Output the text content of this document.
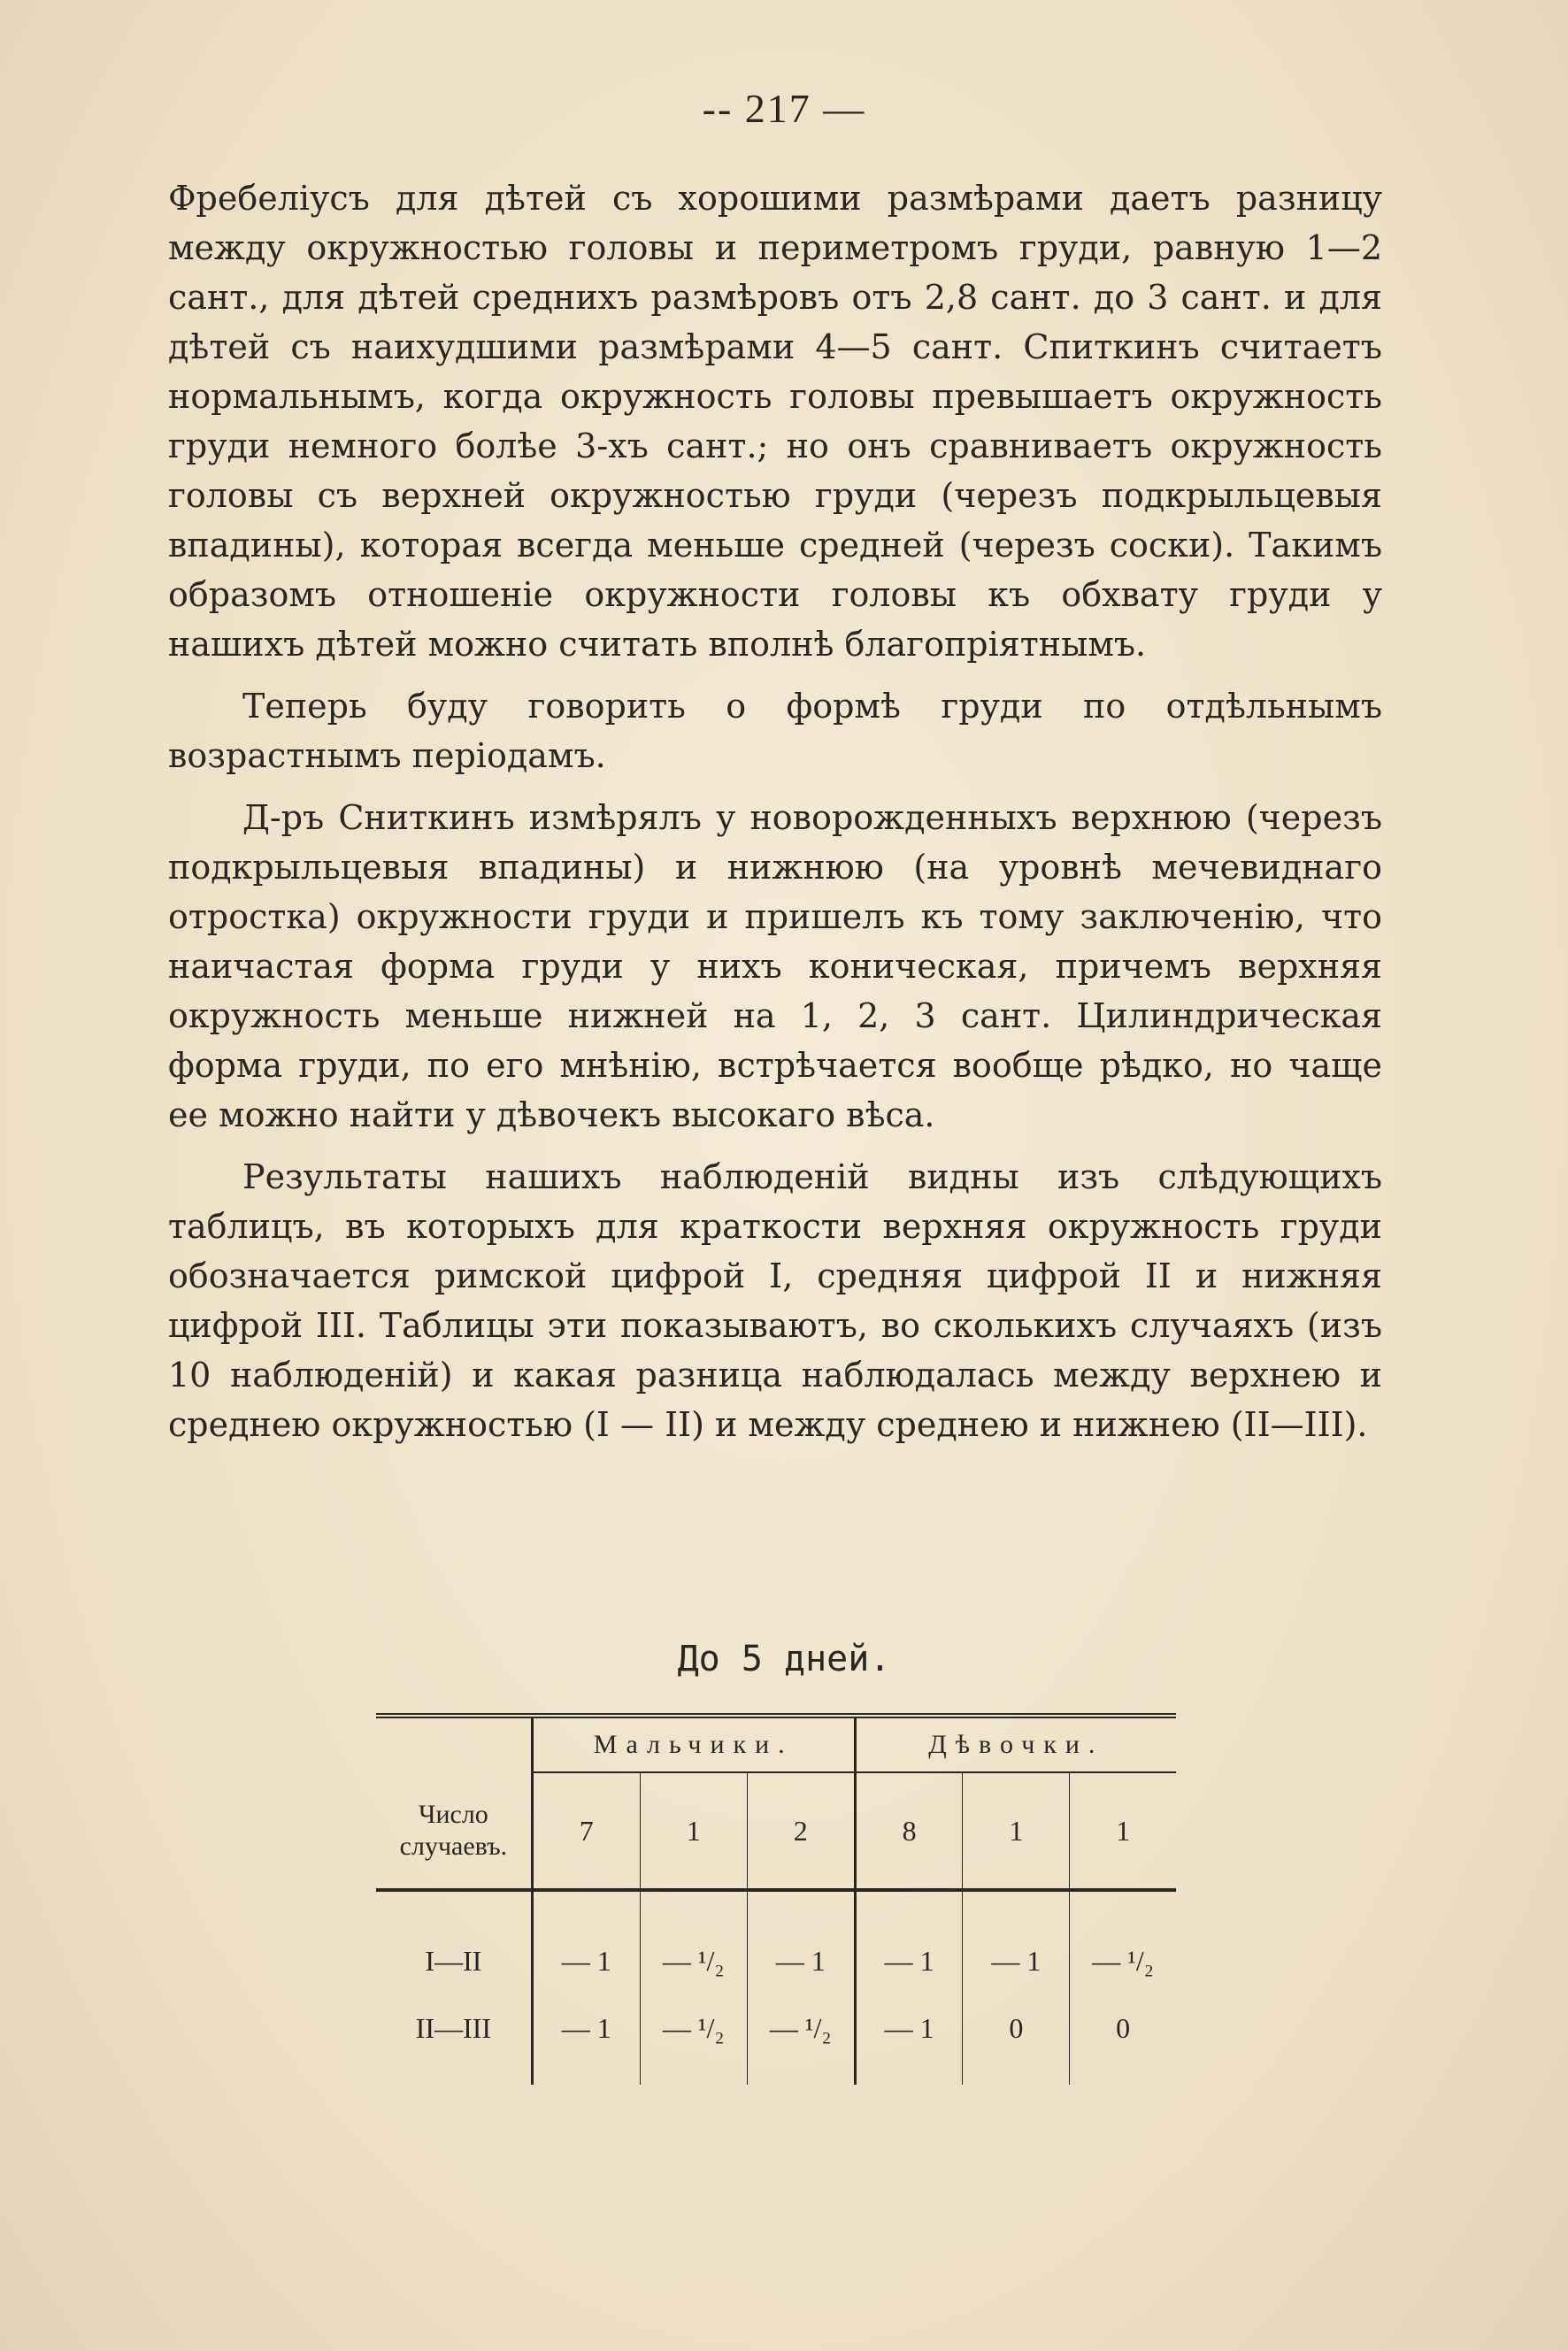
-- 217 —

Фребеліусъ для дѣтей съ хорошими размѣрами даетъ разницу между окружностью головы и периметромъ груди, равную 1—2 сант., для дѣтей среднихъ размѣровъ отъ 2,8 сант. до 3 сант. и для дѣтей съ наихудшими размѣрами 4—5 сант. Спиткинъ считаетъ нормальнымъ, когда окружность головы превышаетъ окружность груди немного болѣе 3-хъ сант.; но онъ сравниваетъ окружность головы съ верхней окружностью груди (черезъ подкрыльцевыя впадины), которая всегда меньше средней (черезъ соски). Такимъ образомъ отношеніе окружности головы къ обхвату груди у нашихъ дѣтей можно считать вполнѣ благопріятнымъ.

Теперь буду говорить о формѣ груди по отдѣльнымъ возрастнымъ періодамъ.

Д-ръ Сниткинъ измѣрялъ у новорожденныхъ верхнюю (черезъ подкрыльцевыя впадины) и нижнюю (на уровнѣ мечевиднаго отростка) окружности груди и пришелъ къ тому заключенію, что наичастая форма груди у нихъ коническая, причемъ верхняя окружность меньше нижней на 1, 2, 3 сант. Цилиндрическая форма груди, по его мнѣнію, встрѣчается вообще рѣдко, но чаще ее можно найти у дѣвочекъ высокаго вѣса.

Результаты нашихъ наблюденій видны изъ слѣдующихъ таблицъ, въ которыхъ для краткости верхняя окружность груди обозначается римской цифрой I, средняя цифрой II и нижняя цифрой III. Таблицы эти показываютъ, во сколькихъ случаяхъ (изъ 10 наблюденій) и какая разница наблюдалась между верхнею и среднею окружностью (I — II) и между среднею и нижнею (II—III).

До 5 дней.
	Мальчики.			Дѣвочки.		
Число
случаевъ.	7	1	2	8	1	1
I—II	— 1	— ¹/₂	— 1	— 1	— 1	— ¹/₂
II—III	— 1	— ¹/₂	— ¹/₂	— 1	0	0
